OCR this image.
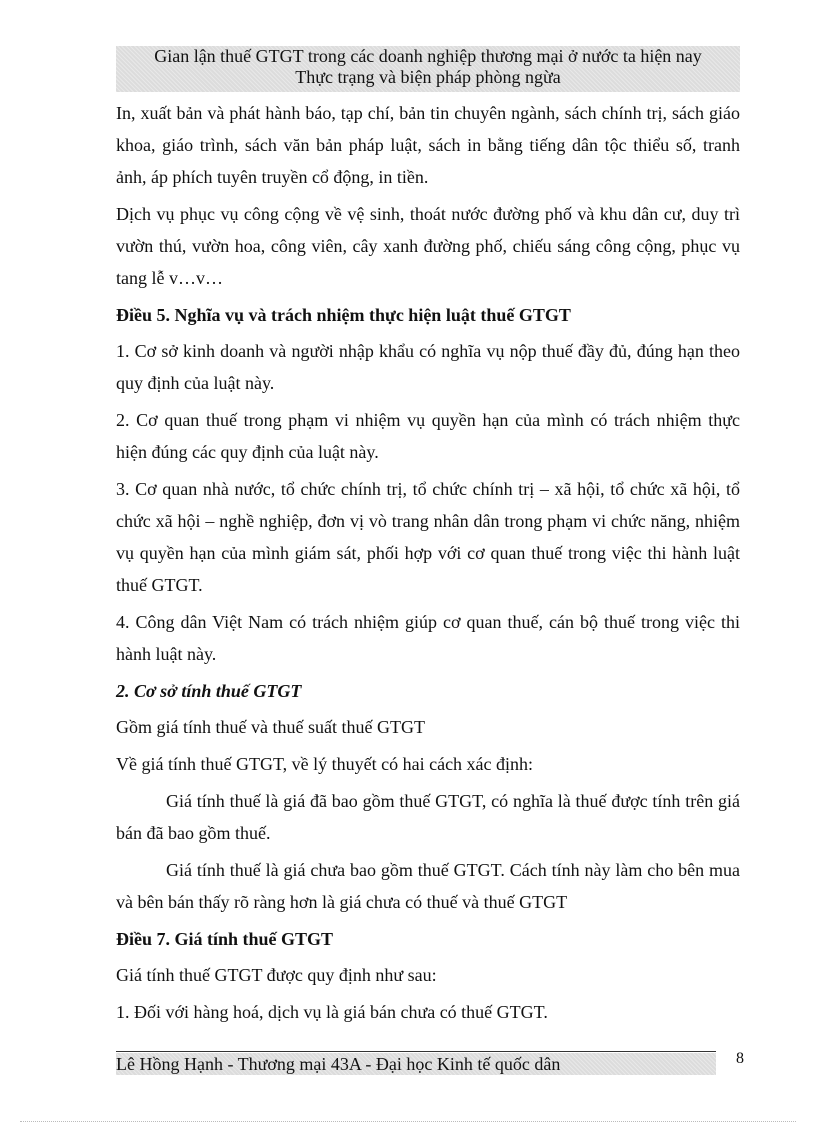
Gian lận thuế GTGT trong các doanh nghiệp thương mại ở nước ta hiện nay
Thực trạng và biện pháp phòng ngừa

In, xuất bản và phát hành báo, tạp chí, bản tin chuyên ngành, sách chính trị, sách giáo khoa, giáo trình, sách văn bản pháp luật, sách in bằng tiếng dân tộc thiểu số, tranh ảnh, áp phích tuyên truyền cổ động, in tiền.

Dịch vụ phục vụ công cộng về vệ sinh, thoát nước đường phố và khu dân cư, duy trì vườn thú, vườn hoa, công viên, cây xanh đường phố, chiếu sáng công cộng, phục vụ tang lễ v…v…

Điều 5. Nghĩa vụ và trách nhiệm thực hiện luật thuế GTGT

1. Cơ sở kinh doanh và người nhập khẩu có nghĩa vụ nộp thuế đầy đủ, đúng hạn theo quy định của luật này.

2. Cơ quan thuế trong phạm vi nhiệm vụ quyền hạn của mình có trách nhiệm thực hiện đúng các quy định của luật này.

3. Cơ quan nhà nước, tổ chức chính trị, tổ chức chính trị – xã hội, tổ chức xã hội, tổ chức xã hội – nghề nghiệp, đơn vị vò trang nhân dân trong phạm vi chức năng, nhiệm vụ quyền hạn của mình giám sát, phối hợp với cơ quan thuế trong việc thi hành luật thuế GTGT.

4. Công dân Việt Nam có trách nhiệm giúp cơ quan thuế, cán bộ thuế trong việc thi hành luật này.

2. Cơ sở tính thuế GTGT

Gồm giá tính thuế và thuế suất thuế GTGT

Về giá tính thuế GTGT, về lý thuyết có hai cách xác định:

Giá tính thuế là giá đã bao gồm thuế GTGT, có nghĩa là thuế được tính trên giá bán đã bao gồm thuế.

Giá tính thuế là giá chưa bao gồm thuế GTGT. Cách tính này làm cho bên mua và bên bán thấy rõ ràng hơn là giá chưa có thuế và thuế GTGT

Điều 7. Giá tính thuế GTGT

Giá tính thuế GTGT được quy định như sau:

1. Đối với hàng hoá, dịch vụ là giá bán chưa có thuế GTGT.

Lê Hồng Hạnh - Thương mại 43A - Đại học Kinh tế quốc dân	8
